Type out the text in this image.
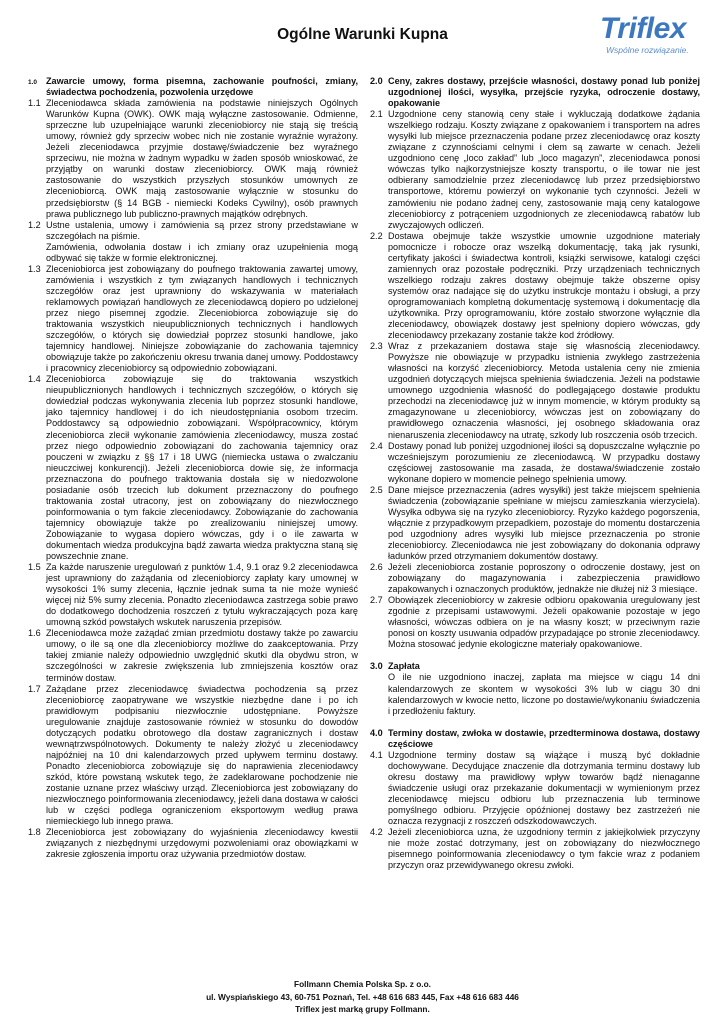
Ogólne Warunki Kupna	Triflex
Wspólne rozwiązanie.
1.0 Zawarcie umowy, forma pisemna, zachowanie poufności, zmiany, świadectwa pochodzenia, pozwolenia urzędowe
1.1 Zleceniodawca składa zamówienia na podstawie niniejszych Ogólnych Warunków Kupna (OWK). OWK mają wyłączne zastosowanie. Odmienne, sprzeczne lub uzupełniające warunki zleceniobiorcy nie stają się treścią umowy, również gdy sprzeciw wobec nich nie zostanie wyraźnie wyrażony. Jeżeli zleceniodawca przyjmie dostawę/świadczenie bez wyraźnego sprzeciwu, nie można w żadnym wypadku w żaden sposób wnioskować, że przyjątby on warunki dostaw zleceniobiorcy. OWK mają również zastosowanie do wszystkich przyszłych stosunków umownych ze zleceniobiorcą. OWK mają zastosowanie wyłącznie w stosunku do przedsiębiorstw (§ 14 BGB - niemiecki Kodeks Cywilny), osób prawnych prawa publicznego lub publiczno-prawnych majątków odrębnych.
1.2 Ustne ustalenia, umowy i zamówienia są przez strony przedstawiane w szczegółach na piśmie.
Zamówienia, odwołania dostaw i ich zmiany oraz uzupełnienia mogą odbywać się także w formie elektronicznej.
1.3 Zleceniobiorca jest zobowiązany do poufnego traktowania zawartej umowy, zamówienia i wszystkich z tym związanych handlowych i technicznych szczegółów oraz jest uprawniony do wskazywania w materiałach reklamowych powiązań handlowych ze zleceniodawcą dopiero po udzielonej przez niego pisemnej zgodzie. Zleceniobiorca zobowiązuje się do traktowania wszystkich nieupublicznionych technicznych i handlowych szczegółów, o których się dowiedział poprzez stosunki handlowe, jako tajemnicy handlowej. Niniejsze zobowiązanie do zachowania tajemnicy obowiązuje także po zakończeniu okresu trwania danej umowy. Poddostawcy i pracownicy zleceniobiorcy są odpowiednio zobowiązani.
1.4 Zleceniobiorca zobowiązuje się do traktowania wszystkich nieupublicznionych handlowych i technicznych szczegółów, o których się dowiedział podczas wykonywania zlecenia lub poprzez stosunki handlowe, jako tajemnicy handlowej i do ich nieudostępniania osobom trzecim. Poddostawcy są odpowiednio zobowiązani. Współpracownicy, którym zleceniobiorca zlecił wykonanie zamówienia zleceniodawcy, musza zostać przez niego odpowiednio zobowiązani do zachowania tajemnicy oraz pouczeni w związku z §§ 17 i 18 UWG (niemiecka ustawa o zwalczaniu nieuczciwej konkurencji). Jeżeli zleceniobiorca dowie się, że informacja przeznaczona do poufnego traktowania dostała się w niedozwolone posiadanie osób trzecich lub dokument przeznaczony do poufnego traktowania został utracony, jest on zobowiązany do niezwłocznego poinformowania o tym fakcie zleceniodawcy. Zobowiązanie do zachowania tajemnicy obowiązuje także po zrealizowaniu niniejszej umowy. Zobowiązanie to wygasa dopiero wówczas, gdy i o ile zawarta w dokumentach wiedza produkcyjna bądź zawarta wiedza praktyczna staną się powszechnie znane.
1.5 Za każde naruszenie uregulowań z punktów 1.4, 9.1 oraz 9.2 zleceniodawca jest uprawniony do zażądania od zleceniobiorcy zapłaty kary umownej w wysokości 1% sumy zlecenia, łącznie jednak suma ta nie może wynieść więcej niż 5% sumy zlecenia. Ponadto zleceniodawca zastrzega sobie prawo do dodatkowego dochodzenia roszczeń z tytułu wykraczających poza karę umowną szkód powstałych wskutek naruszenia przepisów.
1.6 Zleceniodawca może zażądać zmian przedmiotu dostawy także po zawarciu umowy, o ile są one dla zleceniobiorcy możliwe do zaakceptowania. Przy takiej zmianie należy odpowiednio uwzględnić skutki dla obydwu stron, w szczególności w zakresie zwiększenia lub zmniejszenia kosztów oraz terminów dostaw.
1.7 Zażądane przez zleceniodawcę świadectwa pochodzenia są przez zleceniobiorcę zaopatrywane we wszystkie niezbędne dane i po ich prawidłowym podpisaniu niezwłocznie udostępniane. Powyższe uregulowanie znajduje zastosowanie również w stosunku do dowodów dotyczących podatku obrotowego dla dostaw zagranicznych i dostaw wewnątrzwspólnotowych. Dokumenty te należy złożyć u zleceniodawcy najpóźniej na 10 dni kalendarzowych przed upływem terminu dostawy. Ponadto zleceniobiorca zobowiązuje się do naprawienia zleceniodawcy szkód, które powstaną wskutek tego, że zadeklarowane pochodzenie nie zostanie uznane przez właściwy urząd. Zleceniobiorca jest zobowiązany do niezwłocznego poinformowania zleceniodawcy, jeżeli dana dostawa w całości lub w części podlega ograniczeniom eksportowym według prawa niemieckiego lub innego prawa.
1.8 Zleceniobiorca jest zobowiązany do wyjaśnienia zleceniodawcy kwestii związanych z niezbędnymi urzędowymi pozwoleniami oraz obowiązkami w zakresie zgłoszenia importu oraz używania przedmiotów dostaw.
2.0 Ceny, zakres dostawy, przejście własności, dostawy ponad lub poniżej uzgodnionej ilości, wysyłka, przejście ryzyka, odroczenie dostawy, opakowanie
2.1 Uzgodnione ceny stanowią ceny stałe i wykluczają dodatkowe żądania wszelkiego rodzaju. Koszty związane z opakowaniem i transportem na adres wysyłki lub miejsce przeznaczenia podane przez zleceniodawcę oraz koszty związane z czynnościami celnymi i cłem są zawarte w cenach. Jeżeli uzgodniono cenę „loco zakład” lub „loco magazyn”, zleceniodawca ponosi wówczas tylko najkorzystniejsze koszty transportu, o ile towar nie jest odbierany samodzielnie przez zleceniodawcę lub przez przedsiębiorstwo transportowe, któremu powierzył on wykonanie tych czynności. Jeżeli w zamówieniu nie podano żadnej ceny, zastosowanie mają ceny katalogowe zleceniobiorcy z potrąceniem uzgodnionych ze zleceniodawcą rabatów lub zwyczajowych odliczeń.
2.2 Dostawa obejmuje także wszystkie umownie uzgodnione materiały pomocnicze i robocze oraz wszelką dokumentację, taką jak rysunki, certyfikaty jakości i świadectwa kontroli, książki serwisowe, katalogi części zamiennych oraz pozostałe podręczniki. Przy urządzeniach technicznych wszelkiego rodzaju zakres dostawy obejmuje także obszerne opisy systemów oraz nadające się do użytku instrukcje montażu i obsługi, a przy oprogramowaniach kompletną dokumentację systemową i dokumentację dla użytkownika. Przy oprogramowaniu, które zostało stworzone wyłącznie dla zleceniodawcy, obowiązek dostawy jest spełniony dopiero wówczas, gdy zleceniodawcy przekazany zostanie także kod źródłowy.
2.3 Wraz z przekazaniem dostawa staje się własnością zleceniodawcy. Powyższe nie obowiązuje w przypadku istnienia zwykłego zastrzeżenia własności na korzyść zleceniobiorcy. Metoda ustalenia ceny nie zmienia uzgodnień dotyczących miejsca spełnienia świadczenia. Jeżeli na podstawie umownego uzgodnienia własność do podlegającego dostawie produktu przechodzi na zleceniodawcę już w innym momencie, w którym produkty są zmagazynowane u zleceniobiorcy, wówczas jest on zobowiązany do prawidłowego oznaczenia własności, jej osobnego składowania oraz nienaruszenia zleceniodawcy na utratę, szkody lub roszczenia osób trzecich.
2.4 Dostawy ponad lub poniżej uzgodnionej ilości są dopuszczalne wyłącznie po wcześniejszym porozumieniu ze zleceniodawcą. W przypadku dostawy częściowej zastosowanie ma zasada, że dostawa/świadczenie zostało wykonane dopiero w momencie pełnego spełnienia umowy.
2.5 Dane miejsce przeznaczenia (adres wysyłki) jest także miejscem spełnienia świadczenia (zobowiązanie spełniane w miejscu zamieszkania wierzyciela). Wysyłka odbywa się na ryzyko zleceniobiorcy. Ryzyko każdego pogorszenia, włącznie z przypadkowym przepadkiem, pozostaje do momentu dostarczenia pod uzgodniony adres wysyłki lub miejsce przeznaczenia po stronie zleceniobiorcy. Zleceniodawca nie jest zobowiązany do dokonania odprawy ładunków przed otrzymaniem dokumentów dostawy.
2.6 Jeżeli zleceniobiorca zostanie poproszony o odroczenie dostawy, jest on zobowiązany do magazynowania i zabezpieczenia prawidłowo zapakowanych i oznaczonych produktów, jednakże nie dłużej niż 3 miesiące.
2.7 Obowiązek zleceniobiorcy w zakresie odbioru opakowania uregulowany jest zgodnie z przepisami ustawowymi. Jeżeli opakowanie pozostaje w jego własności, wówczas odbiera on je na własny koszt; w przeciwnym razie ponosi on koszty usuwania odpadów przypadające po stronie zleceniodawcy. Można stosować jedynie ekologiczne materiały opakowaniowe.
3.0 Zapłata
O ile nie uzgodniono inaczej, zapłata ma miejsce w ciągu 14 dni kalendarzowych ze skontem w wysokości 3% lub w ciągu 30 dni kalendarzowych w kwocie netto, liczone po dostawie/wykonaniu świadczenia i przedłożeniu faktury.
4.0 Terminy dostaw, zwłoka w dostawie, przedterminowa dostawa, dostawy częściowe
4.1 Uzgodnione terminy dostaw są wiążące i muszą być dokładnie dochowywane. Decydujące znaczenie dla dotrzymania terminu dostawy lub okresu dostawy ma prawidłowy wpływ towarów bądź nienaganne świadczenie usługi oraz przekazanie dokumentacji w wymienionym przez zleceniodawcę miejscu odbioru lub przeznaczenia lub terminowe pomyślnego odbioru. Przyjęcie opóźnionej dostawy bez zastrzeżeń nie oznacza rezygnacji z roszczeń odszkodowawczych.
4.2 Jeżeli zleceniobiorca uzna, że uzgodniony termin z jakiejkolwiek przyczyny nie może zostać dotrzymany, jest on zobowiązany do niezwłocznego pisemnego poinformowania zleceniodawcy o tym fakcie wraz z podaniem przyczyn oraz przewidywanego okresu zwłoki.
Follmann Chemia Polska Sp. z o.o.
ul. Wyspiańskiego 43, 60-751 Poznań, Tel. +48 616 683 445, Fax +48 616 683 446
Triflex jest marką grupy Follmann.
